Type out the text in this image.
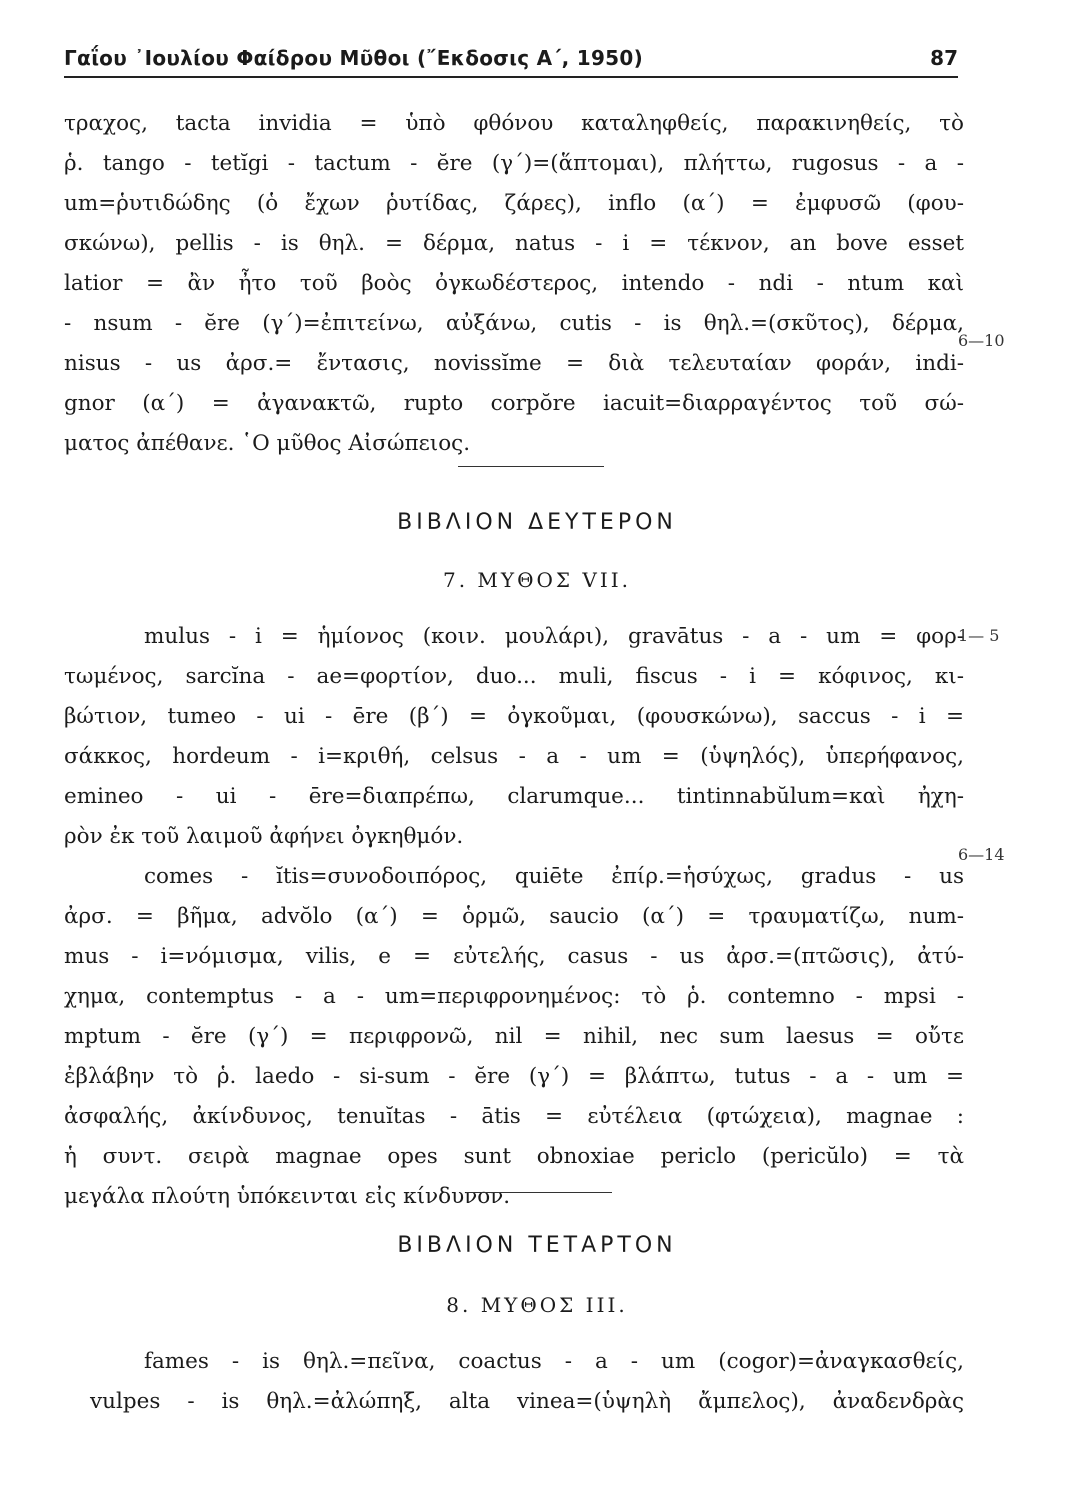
Γαΐου ᾿Ιουλίου Φαίδρου Μῦθοι (῎Εκδοσις Α΄, 1950)	87
τραχος, tacta invidia = ὑπὸ φθόνου καταληφθείς, παρακινηθείς, τὸ
ῥ. tango - tetĭgi - tactum - ĕre (γ΄)=(ἅπτομαι), πλήττω, rugosus - a -
um=ῥυτιδώδης (ὁ ἔχων ῥυτίδας, ζάρες), inflo (α΄) = ἐμφυσῶ (φου-
σκώνω), pellis - is θηλ. = δέρμα, natus - i = τέκνον, an bove esset
latior = ἂν ἦτο τοῦ βοὸς ὀγκωδέστερος, intendo - ndi - ntum καὶ
- nsum - ĕre (γ΄)=ἐπιτείνω, αὐξάνω, cutis - is θηλ.=(σκῦτος), δέρμα,
nisus - us ἀρσ.= ἔντασις, novissĭme = διὰ τελευταίαν φοράν, indi-
gnor (α΄) = ἀγανακτῶ, rupto corpŏre iacuit=διαρραγέντος τοῦ σώ-
ματος ἀπέθανε. ῾Ο μῦθος Αἰσώπειος.
6—10
ΒΙΒΛΙΟΝ ΔΕΥΤΕΡΟΝ
7. ΜΥΘΟΣ VII.
mulus - i = ἡμίονος (κοιν. μουλάρι), gravātus - a - um = φορ-
τωμένος, sarcĭna - ae=φορτίον, duo... muli, fiscus - i = κόφινος, κι-
βώτιον, tumeo - ui - ēre (β΄) = ὀγκοῦμαι, (φουσκώνω), saccus - i =
σάκκος, hordeum - i=κριθή, celsus - a - um = (ὑψηλός), ὑπερήφανος,
emineo - ui - ēre=διαπρέπω, clarumque... tintinnabŭlum=καὶ ἠχη-
ρὸν ἐκ τοῦ λαιμοῦ ἀφήνει ὀγκηθμόν.
comes - ĭtis=συνοδοιπόρος, quiēte ἐπίρ.=ἡσύχως, gradus - us
ἀρσ. = βῆμα, advŏlo (α΄) = ὁρμῶ, saucio (α΄) = τραυματίζω, num-
mus - i=νόμισμα, vilis, e = εὐτελής, casus - us ἀρσ.=(πτῶσις), ἀτύ-
χημα, contemptus - a - um=περιφρονημένος: τὸ ῥ. contemno - mpsi -
mptum - ĕre (γ΄) = περιφρονῶ, nil = nihil, nec sum laesus = οὔτε
ἐβλάβην τὸ ῥ. laedo - si-sum - ĕre (γ΄) = βλάπτω, tutus - a - um =
ἀσφαλής, ἀκίνδυνος, tenuĭtas - ātis = εὐτέλεια (φτώχεια), magnae :
ἡ συντ. σειρὰ magnae opes sunt obnoxiae periclo (pericŭlo) = τὰ
μεγάλα πλούτη ὑπόκεινται εἰς κίνδυνον.
1— 5
6—14
ΒΙΒΛΙΟΝ ΤΕΤΑΡΤΟΝ
8. ΜΥΘΟΣ III.
fames - is θηλ.=πεῖνα, coactus - a - um (cogor)=ἀναγκασθείς,
vulpes - is θηλ.=ἀλώπηξ, alta vinea=(ὑψηλὴ ἄμπελος), ἀναδενδρὰς
